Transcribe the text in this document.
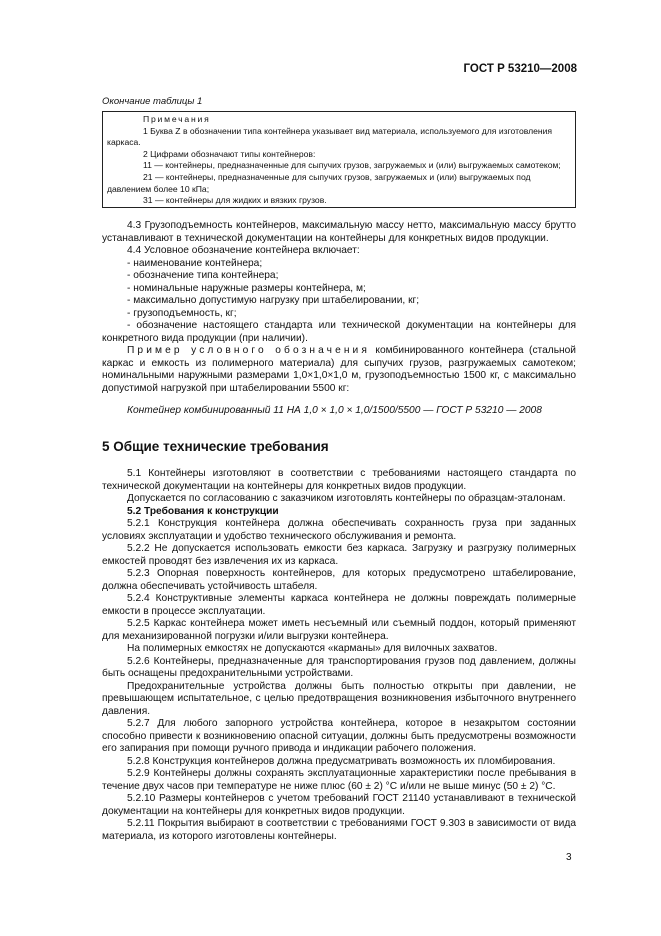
ГОСТ Р 53210—2008
Окончание таблицы 1

Примечания

1 Буква Z в обозначении типа контейнера указывает вид материала, используемого для изготовления каркаса.

2 Цифрами обозначают типы контейнеров:

11 — контейнеры, предназначенные для сыпучих грузов, загружаемых и (или) выгружаемых самотеком;

21 — контейнеры, предназначенные для сыпучих грузов, загружаемых и (или) выгружаемых под давлением более 10 кПа;

31 — контейнеры для жидких и вязких грузов.

4.3 Грузоподъемность контейнеров, максимальную массу нетто, максимальную массу брутто устанавливают в технической документации на контейнеры для конкретных видов продукции.

4.4 Условное обозначение контейнера включает:

- наименование контейнера;

- обозначение типа контейнера;

- номинальные наружные размеры контейнера, м;

- максимально допустимую нагрузку при штабелировании, кг;

- грузоподъемность, кг;

- обозначение настоящего стандарта или технической документации на контейнеры для конкретного вида продукции (при наличии).

Пример условного обозначения комбинированного контейнера (стальной каркас и емкость из полимерного материала) для сыпучих грузов, разгружаемых самотеком; номинальными наружными размерами 1,0×1,0×1,0 м, грузоподъемностью 1500 кг, с максимально допустимой нагрузкой при штабелировании 5500 кг:

Контейнер комбинированный 11 НА 1,0 × 1,0 × 1,0/1500/5500 — ГОСТ Р 53210 — 2008

5 Общие технические требования

5.1 Контейнеры изготовляют в соответствии с требованиями настоящего стандарта по технической документации на контейнеры для конкретных видов продукции.

Допускается по согласованию с заказчиком изготовлять контейнеры по образцам-эталонам.

5.2 Требования к конструкции

5.2.1 Конструкция контейнера должна обеспечивать сохранность груза при заданных условиях эксплуатации и удобство технического обслуживания и ремонта.

5.2.2 Не допускается использовать емкости без каркаса. Загрузку и разгрузку полимерных емкостей проводят без извлечения их из каркаса.

5.2.3 Опорная поверхность контейнеров, для которых предусмотрено штабелирование, должна обеспечивать устойчивость штабеля.

5.2.4 Конструктивные элементы каркаса контейнера не должны повреждать полимерные емкости в процессе эксплуатации.

5.2.5 Каркас контейнера может иметь несъемный или съемный поддон, который применяют для механизированной погрузки и/или выгрузки контейнера.

На полимерных емкостях не допускаются «карманы» для вилочных захватов.

5.2.6 Контейнеры, предназначенные для транспортирования грузов под давлением, должны быть оснащены предохранительными устройствами.

Предохранительные устройства должны быть полностью открыты при давлении, не превышающем испытательное, с целью предотвращения возникновения избыточного внутреннего давления.

5.2.7 Для любого запорного устройства контейнера, которое в незакрытом состоянии способно привести к возникновению опасной ситуации, должны быть предусмотрены возможности его запирания при помощи ручного привода и индикации рабочего положения.

5.2.8 Конструкция контейнеров должна предусматривать возможность их пломбирования.

5.2.9 Контейнеры должны сохранять эксплуатационные характеристики после пребывания в течение двух часов при температуре не ниже плюс (60 ± 2) °С и/или не выше минус (50 ± 2) °С.

5.2.10 Размеры контейнеров с учетом требований ГОСТ 21140 устанавливают в технической документации на контейнеры для конкретных видов продукции.

5.2.11 Покрытия выбирают в соответствии с требованиями ГОСТ 9.303 в зависимости от вида материала, из которого изготовлены контейнеры.

3
